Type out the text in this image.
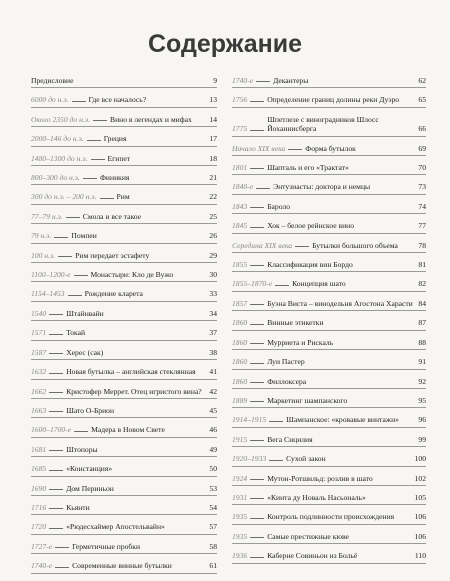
Содержание
Предисловие	9
6000 до н.э.	Где все началось?	13
Около 2350 до н.э.	Вино в легендах и мифах	14
2000–146 до н.э.	Греция	17
1480–1300 до н.э.	Египет	18
800–300 до н.э.	Финикия	21
300 до н.э. – 200 н.э.	Рим	22
77–79 н.э.	Смола и все такое	25
79 н.э.	Помпеи	26
100 н.э.	Рим передает эстафету	29
1100–1200-е	Монастыри: Кло де Вужо	30
1154–1453	Рождение кларета	33
1540	Штайнвайн	34
1571	Токай	37
1587	Херес (сак)	38
1632	Новая бутылка – английская стеклянная	41
1662	Кристофер Меррет. Отец игристого вина?	42
1663	Шато О-Брион	45
1600–1700-е	Мадера в Новом Свете	46
1681	Штопоры	49
1685	«Констанция»	50
1690	Дом Периньон	53
1716	Кьянти	54
1720	«Рюдесхаймер Апостельвайн»	57
1727-е	Герметичные пробки	58
1740-е	Современные винные бутылки	61
1740-е	Декантеры	62
1756	Определение границ долины реки Дуэро	65
1775
Шпетлезе с виноградников Шлосс Йоханнисберга	66
Начало XIX века	Форма бутылок	69
1801	Шапталь и его «Трактат»	70
1840-е	Энтузиасты: доктора и немцы	73
1843	Бароло	74
1845	Хок – белое рейнское вино	77
Середина XIX века	Бутылки большого объема	78
1855	Классификация вин Бордо	81
1855–1870-е	Концепция шато	82
1857	Буэна Виста – винодельня Агостона Харасти 84
1860	Винные этикетки	87
1860	Мурриета и Рискаль	88
1860	Луи Пастер	91
1860	Филлоксера	92
1889	Маркетинг шампанского	95
1914–1915	Шампанское: «кровавые винтажи»	96
1915	Вега Сицилия	99
1920–1933	Сухой закон	100
1924	Мутон-Ротшильд: розлив в шато	102
1931	«Кинта ду Новаль Насьональ»	105
1935	Контроль подлинности происхождения	106
1935	Самые престижные кюве	106
1936	Каберне Совиньон из Больё	110
